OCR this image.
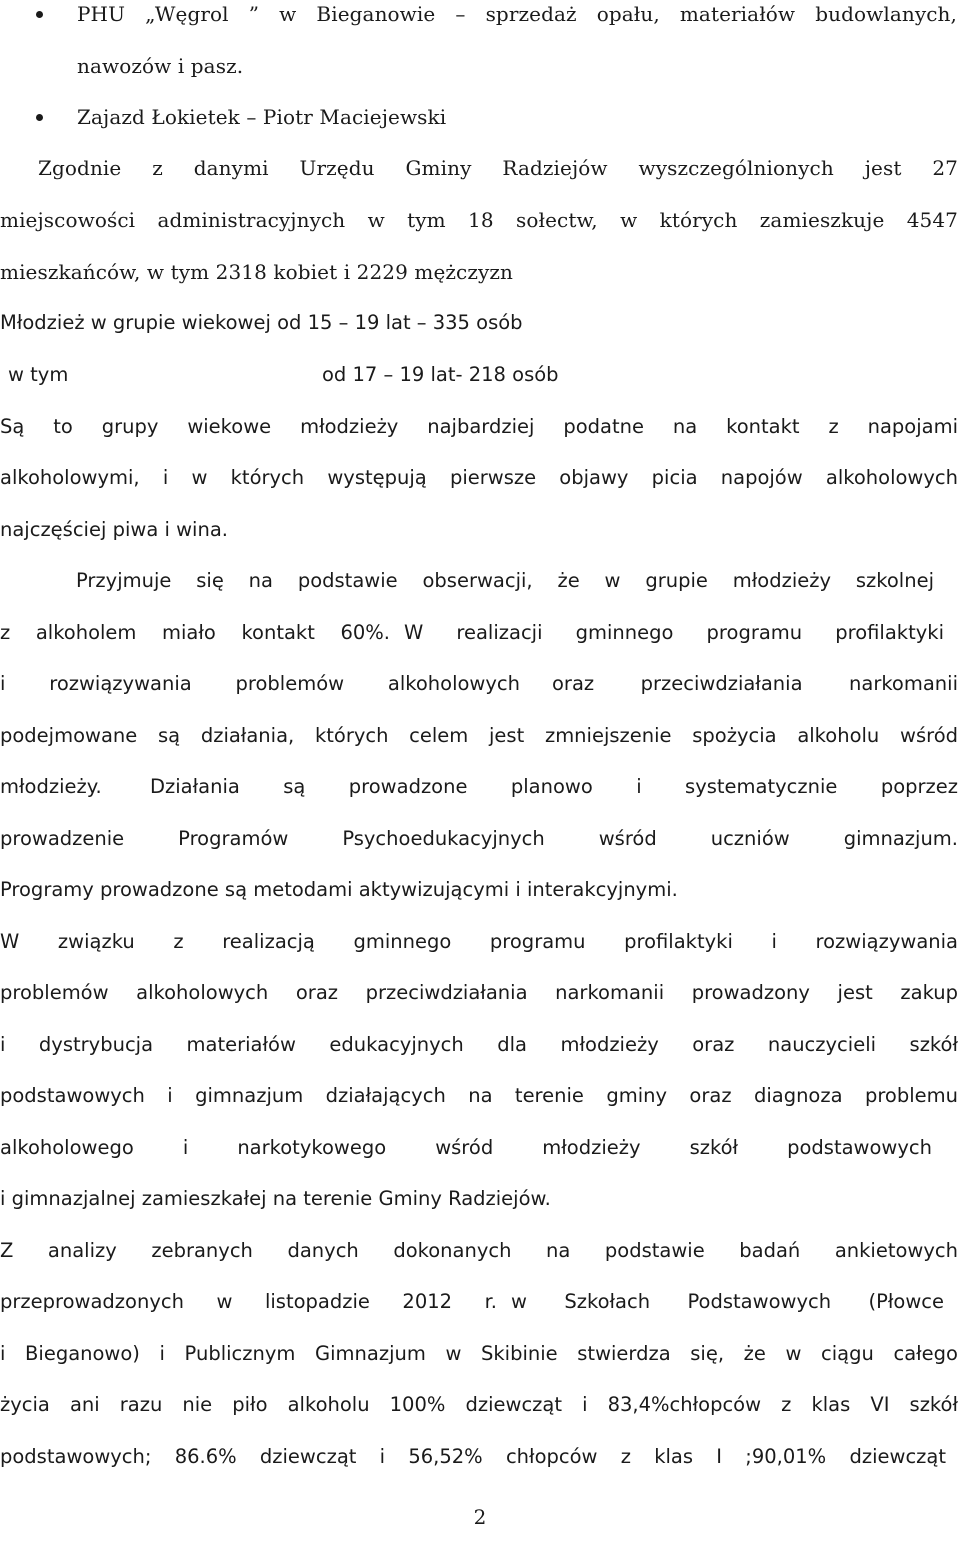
PHU „Węgrol ” w Bieganowie – sprzedaż opału, materiałów budowlanych,

nawozów i pasz.

Zajazd Łokietek – Piotr Maciejewski

Zgodnie z danymi Urzędu Gminy Radziejów wyszczególnionych jest 27

miejscowości administracyjnych w tym 18 sołectw, w których zamieszkuje 4547

mieszkańców, w tym 2318 kobiet i 2229 mężczyzn

Młodzież w grupie wiekowej od 15 – 19 lat – 335 osób

w tym	od 17 – 19 lat- 218 osób

Są to grupy wiekowe młodzieży najbardziej podatne na kontakt z napojami

alkoholowymi, i w których występują pierwsze objawy picia napojów alkoholowych

najczęściej piwa i wina.

Przyjmuje się na podstawie obserwacji, że w grupie młodzieży szkolnej

z alkoholem miało kontakt 60%. W realizacji gminnego programu profilaktyki

i rozwiązywania problemów alkoholowych oraz przeciwdziałania narkomanii

podejmowane są działania, których celem jest zmniejszenie spożycia alkoholu wśród

młodzieży.	Działania są prowadzone planowo i systematycznie poprzez

prowadzenie Programów Psychoedukacyjnych wśród uczniów gimnazjum.

Programy prowadzone są metodami aktywizującymi i interakcyjnymi.

W związku z realizacją gminnego programu profilaktyki i rozwiązywania

problemów alkoholowych oraz przeciwdziałania narkomanii prowadzony jest zakup

i dystrybucja materiałów edukacyjnych dla młodzieży oraz nauczycieli szkół

podstawowych i gimnazjum działających na terenie gminy oraz diagnoza problemu

alkoholowego i narkotykowego wśród młodzieży szkół podstawowych

i gimnazjalnej zamieszkałej na terenie Gminy Radziejów.

Z analizy zebranych danych dokonanych na podstawie badań ankietowych

przeprowadzonych w listopadzie 2012 r. w Szkołach Podstawowych (Płowce

i Bieganowo) i Publicznym Gimnazjum w Skibinie stwierdza się, że w ciągu całego

życia ani razu nie piło alkoholu 100% dziewcząt i 83,4%chłopców z klas VI szkół

podstawowych; 86.6% dziewcząt i 56,52% chłopców z klas I ;90,01% dziewcząt

2
